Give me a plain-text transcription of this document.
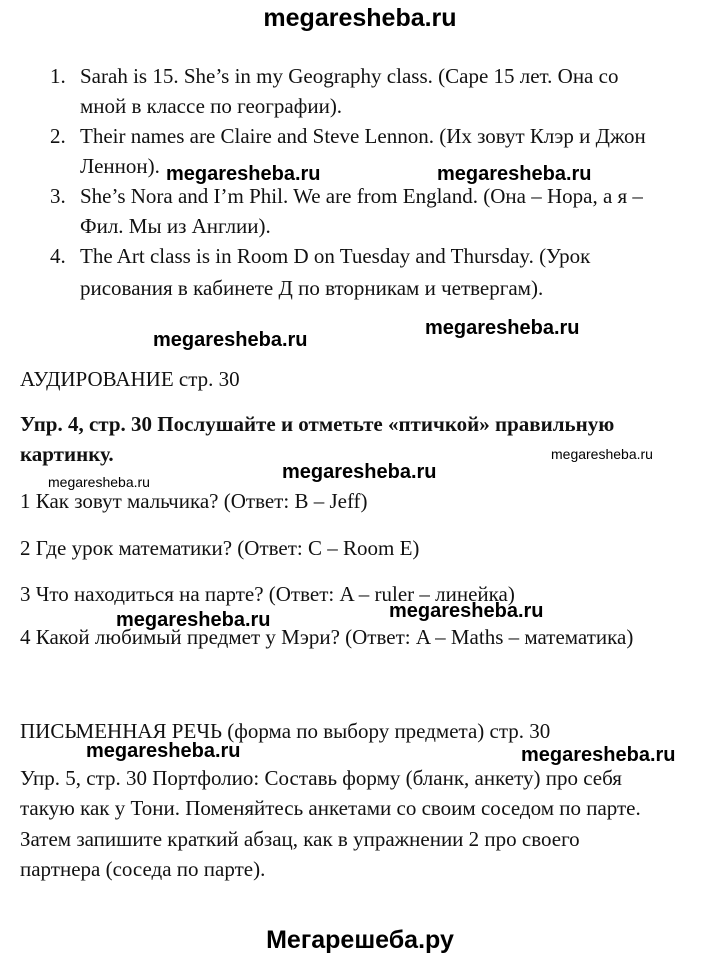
megaresheba.ru
1. Sarah is 15. She’s in my Geography class. (Саре 15 лет. Она со
мной в классе по географии).
2. Their names are Claire and Steve Lennon. (Их зовут Клэр и Джон
Леннон).
3. She’s Nora and I’m Phil. We are from England. (Она – Нора, а я –
Фил. Мы из Англии).
4. The Art class is in Room D on Tuesday and Thursday. (Урок
рисования в кабинете Д по вторникам и четвергам).
АУДИРОВАНИЕ стр. 30
Упр. 4, стр. 30 Послушайте и отметьте «птичкой» правильную
картинку.
1 Как зовут мальчика? (Ответ: B – Jeff)
2 Где урок математики? (Ответ: C – Room E)
3 Что находиться на парте? (Ответ: A – ruler – линейка)
4 Какой любимый предмет у Мэри? (Ответ: A – Maths – математика)
ПИСЬМЕННАЯ РЕЧЬ (форма по выбору предмета) стр. 30
Упр. 5, стр. 30 Портфолио: Составь форму (бланк, анкету) про себя
такую как у Тони. Поменяйтесь анкетами со своим соседом по парте.
Затем запишите краткий абзац, как в упражнении 2 про своего
партнера (соседа по парте).
megaresheba.ru	megaresheba.ru
megaresheba.ru
megaresheba.ru
megaresheba.ru
megaresheba.ru
megaresheba.ru
megaresheba.ru	megaresheba.ru
megaresheba.ru	megaresheba.ru
Мегарешеба.ру
